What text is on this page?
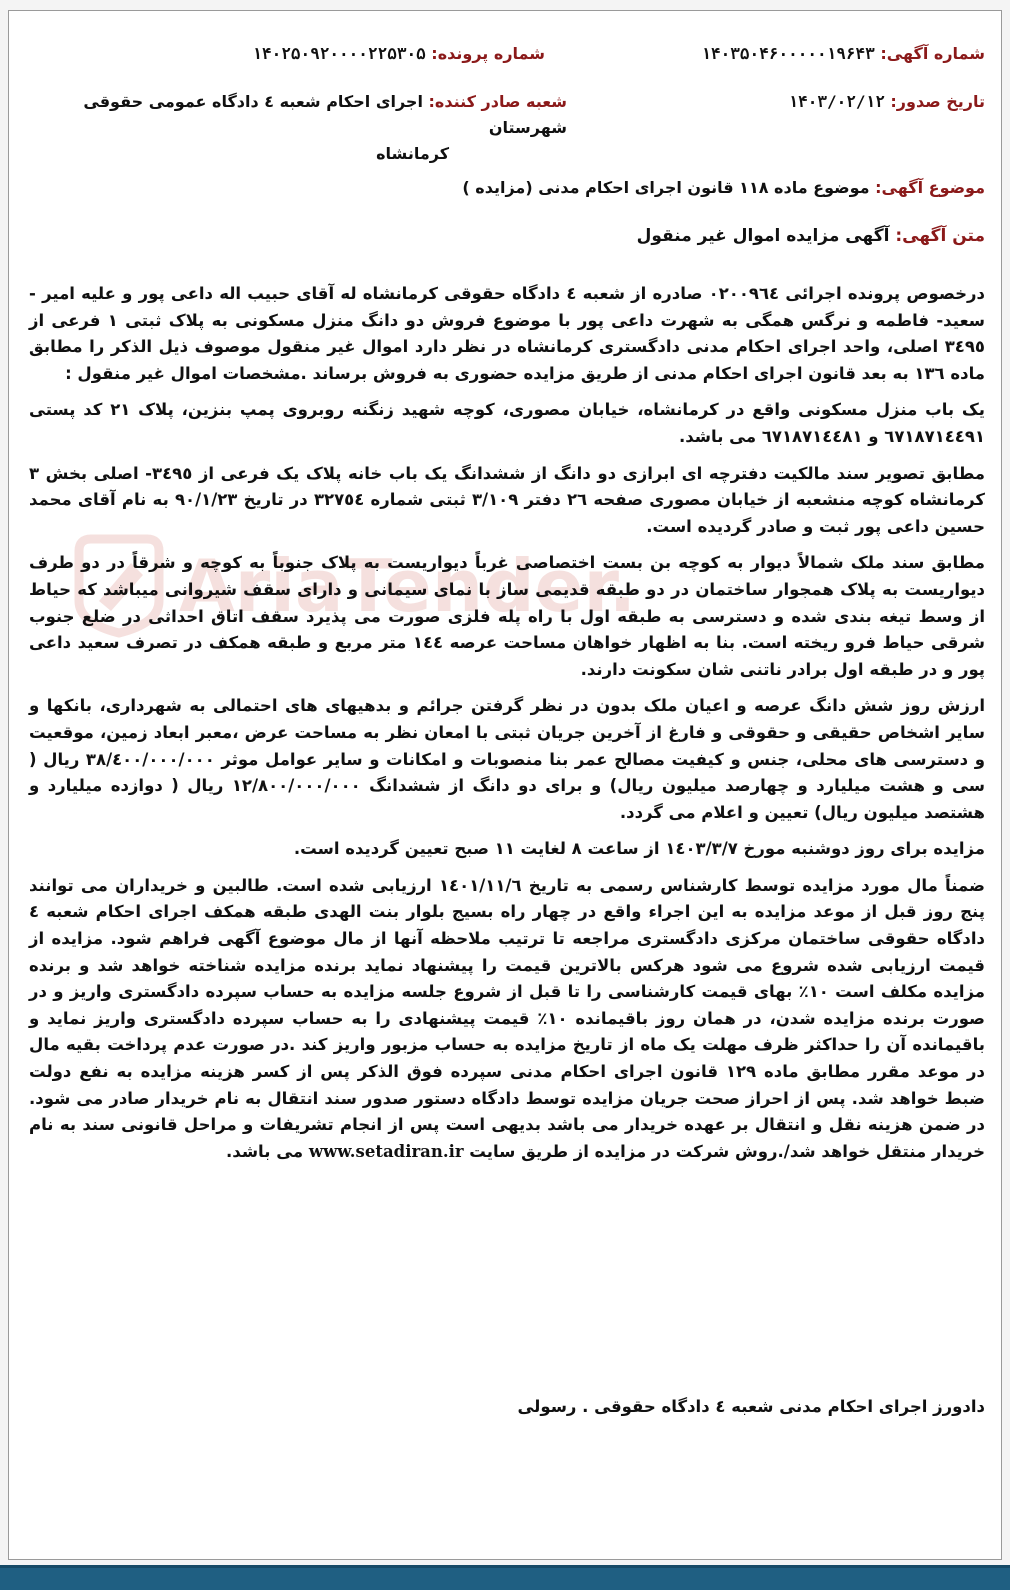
AriaTender
شماره آگهی: ۱۴۰۳۵۰۴۶۰۰۰۰۰۱۹۶۴۳
شماره پرونده: ۱۴۰۲۵۰۹۲۰۰۰۰۲۲۵۳۰۵
تاریخ صدور: ۱۴۰۳/۰۲/۱۲
شعبه صادر کننده: اجرای احکام شعبه ٤ دادگاه عمومی حقوقی شهرستان
کرمانشاه
موضوع آگهی: موضوع ماده ۱۱۸ قانون اجرای احکام مدنی (مزایده )
متن آگهی: آگهی مزایده اموال غیر منقول

درخصوص پرونده اجرائی ۰۲۰۰۹٦٤ صادره از شعبه ٤ دادگاه حقوقی کرمانشاه له آقای حبیب اله داعی پور و علیه امیر - سعید- فاطمه و نرگس همگی به شهرت داعی پور با موضوع فروش دو دانگ منزل مسکونی به پلاک ثبتی ۱ فرعی از ۳٤۹٥ اصلی، واحد اجرای احکام مدنی دادگستری کرمانشاه در نظر دارد اموال غیر منقول موصوف ذیل الذکر را مطابق ماده ۱۳٦ به بعد قانون اجرای احکام مدنی از طریق مزایده حضوری به فروش برساند .مشخصات اموال غیر منقول :

یک باب منزل مسکونی واقع در کرمانشاه، خیابان مصوری، کوچه شهید زنگنه روبروی پمپ بنزین، پلاک ۲۱ کد پستی ٦۷۱۸۷۱٤٤۹۱ و ٦۷۱۸۷۱٤٤۸۱ می باشد.

مطابق تصویر سند مالکیت دفترچه ای ابرازی دو دانگ از ششدانگ یک باب خانه پلاک یک فرعی از ۳٤۹٥- اصلی بخش ۳ کرمانشاه کوچه منشعبه از خیابان مصوری صفحه ۲٦ دفتر ۳/۱۰۹ ثبتی شماره ۳۲۷٥٤ در تاریخ ۹۰/۱/۲۳ به نام آقای محمد حسین داعی پور ثبت و صادر گردیده است.

مطابق سند ملک شمالاً دیوار به کوچه بن بست اختصاصی غرباً دیواریست به پلاک جنوباً به کوچه و شرقاً در دو طرف دیواریست به پلاک همجوار ساختمان در دو طبقه قدیمی ساز با نمای سیمانی و دارای سقف شیروانی میباشد که حیاط از وسط تیغه بندی شده و دسترسی به طبقه اول با راه پله فلزی صورت می پذیرد سقف اتاق احداثی در ضلع جنوب شرقی حیاط فرو ریخته است. بنا به اظهار خواهان مساحت عرصه ۱٤٤ متر مربع و طبقه همکف در تصرف سعید داعی پور و در طبقه اول برادر ناتنی شان سکونت دارند.

ارزش روز شش دانگ عرصه و اعیان ملک بدون در نظر گرفتن جرائم و بدهیهای های احتمالی به شهرداری، بانکها و سایر اشخاص حقیقی و حقوقی و فارغ از آخرین جریان ثبتی با امعان نظر به مساحت عرض ،معبر ابعاد زمین، موقعیت و دسترسی های محلی، جنس و کیفیت مصالح عمر بنا منصوبات و امکانات و سایر عوامل موثر ۳۸/٤۰۰/۰۰۰/۰۰۰ ریال ( سی و هشت میلیارد و چهارصد میلیون ریال) و برای دو دانگ از ششدانگ ۱۲/۸۰۰/۰۰۰/۰۰۰ ریال ( دوازده میلیارد و هشتصد میلیون ریال) تعیین و اعلام می گردد.

مزایده برای روز دوشنبه مورخ ۱٤۰۳/۳/۷ از ساعت ۸ لغایت ۱۱ صبح تعیین گردیده است.

ضمناً مال مورد مزایده توسط کارشناس رسمی به تاریخ ۱٤۰۱/۱۱/٦ ارزیابی شده است. طالبین و خریداران می توانند پنج روز قبل از موعد مزایده به این اجراء واقع در چهار راه بسیج بلوار بنت الهدی طبقه همکف اجرای احکام شعبه ٤ دادگاه حقوقی ساختمان مرکزی دادگستری مراجعه تا ترتیب ملاحظه آنها از مال موضوع آگهی فراهم شود. مزایده از قیمت ارزیابی شده شروع می شود هرکس بالاترین قیمت را پیشنهاد نماید برنده مزایده شناخته خواهد شد و برنده مزایده مکلف است ۱۰٪ بهای قیمت کارشناسی را تا قبل از شروع جلسه مزایده به حساب سپرده دادگستری واریز و در صورت برنده مزایده شدن، در همان روز باقیمانده ۱۰٪ قیمت پیشنهادی را به حساب سپرده دادگستری واریز نماید و باقیمانده آن را حداکثر ظرف مهلت یک ماه از تاریخ مزایده به حساب مزبور واریز کند .در صورت عدم پرداخت بقیه مال در موعد مقرر مطابق ماده ۱۲۹ قانون اجرای احکام مدنی سپرده فوق الذکر پس از کسر هزینه مزایده به نفع دولت ضبط خواهد شد. پس از احراز صحت جریان مزایده توسط دادگاه دستور صدور سند انتقال به نام خریدار صادر می شود. در ضمن هزینه نقل و انتقال بر عهده خریدار می باشد بدیهی است پس از انجام تشریفات و مراحل قانونی سند به نام خریدار منتقل خواهد شد/.روش شرکت در مزایده از طریق سایت www.setadiran.ir می باشد.

دادورز اجرای احکام مدنی شعبه ٤ دادگاه حقوقی . رسولی
